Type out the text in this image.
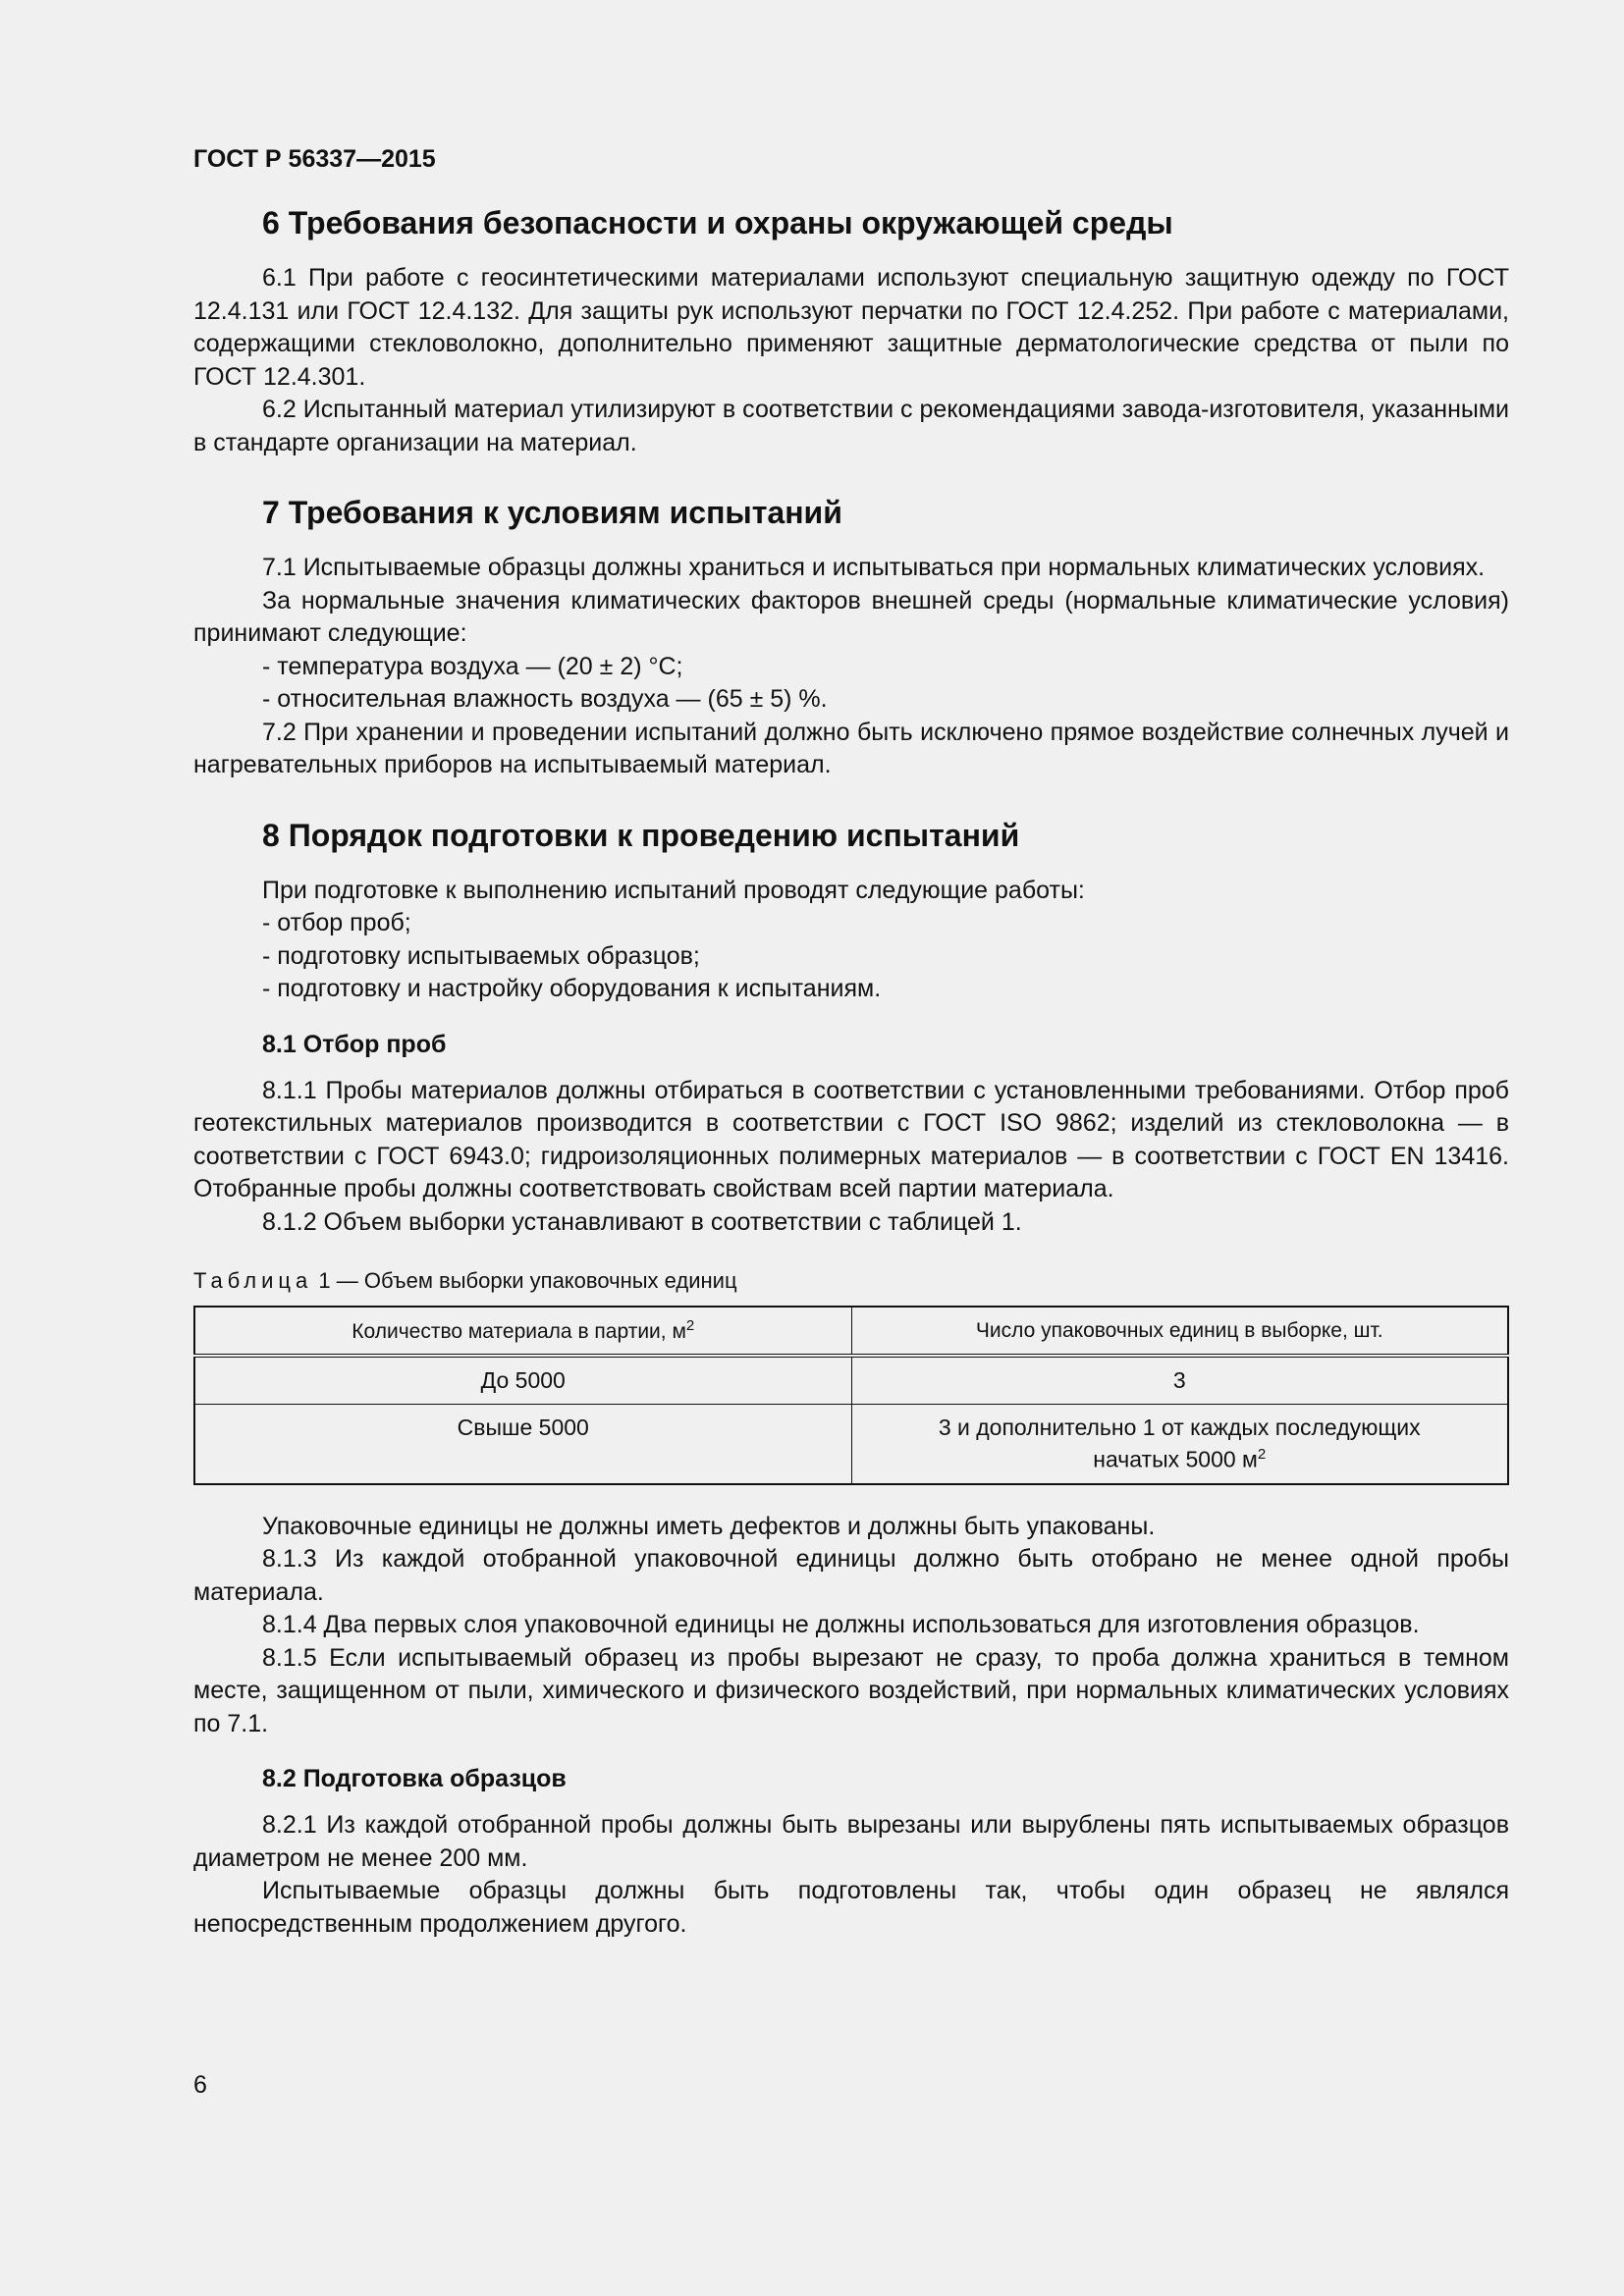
ГОСТ Р 56337—2015
6 Требования безопасности и охраны окружающей среды

6.1 При работе с геосинтетическими материалами используют специальную защитную одежду по ГОСТ 12.4.131 или ГОСТ 12.4.132. Для защиты рук используют перчатки по ГОСТ 12.4.252. При работе с материалами, содержащими стекловолокно, дополнительно применяют защитные дерматологические средства от пыли по ГОСТ 12.4.301.

6.2 Испытанный материал утилизируют в соответствии с рекомендациями завода-изготовителя, указанными в стандарте организации на материал.

7 Требования к условиям испытаний

7.1 Испытываемые образцы должны храниться и испытываться при нормальных климатических условиях.

За нормальные значения климатических факторов внешней среды (нормальные климатические условия) принимают следующие:

- температура воздуха — (20 ± 2) °С;

- относительная влажность воздуха — (65 ± 5) %.

7.2 При хранении и проведении испытаний должно быть исключено прямое воздействие солнечных лучей и нагревательных приборов на испытываемый материал.

8 Порядок подготовки к проведению испытаний

При подготовке к выполнению испытаний проводят следующие работы:

- отбор проб;

- подготовку испытываемых образцов;

- подготовку и настройку оборудования к испытаниям.

8.1 Отбор проб

8.1.1 Пробы материалов должны отбираться в соответствии с установленными требованиями. Отбор проб геотекстильных материалов производится в соответствии с ГОСТ ISO 9862; изделий из стекловолокна — в соответствии с ГОСТ 6943.0; гидроизоляционных полимерных материалов — в соответствии с ГОСТ EN 13416. Отобранные пробы должны соответствовать свойствам всей партии материала.

8.1.2 Объем выборки устанавливают в соответствии с таблицей 1.

Таблица 1 — Объем выборки упаковочных единиц
Количество материала в партии, $м^2$	Число упаковочных единиц в выборке, шт.
До 5000	3
Свыше 5000	3 и дополнительно 1 от каждых последующих
начатых 5000 $м^2$

Упаковочные единицы не должны иметь дефектов и должны быть упакованы.

8.1.3 Из каждой отобранной упаковочной единицы должно быть отобрано не менее одной пробы материала.

8.1.4 Два первых слоя упаковочной единицы не должны использоваться для изготовления образцов.

8.1.5 Если испытываемый образец из пробы вырезают не сразу, то проба должна храниться в темном месте, защищенном от пыли, химического и физического воздействий, при нормальных климатических условиях по 7.1.

8.2 Подготовка образцов

8.2.1 Из каждой отобранной пробы должны быть вырезаны или вырублены пять испытываемых образцов диаметром не менее 200 мм.

Испытываемые образцы должны быть подготовлены так, чтобы один образец не являлся непосредственным продолжением другого.

6
